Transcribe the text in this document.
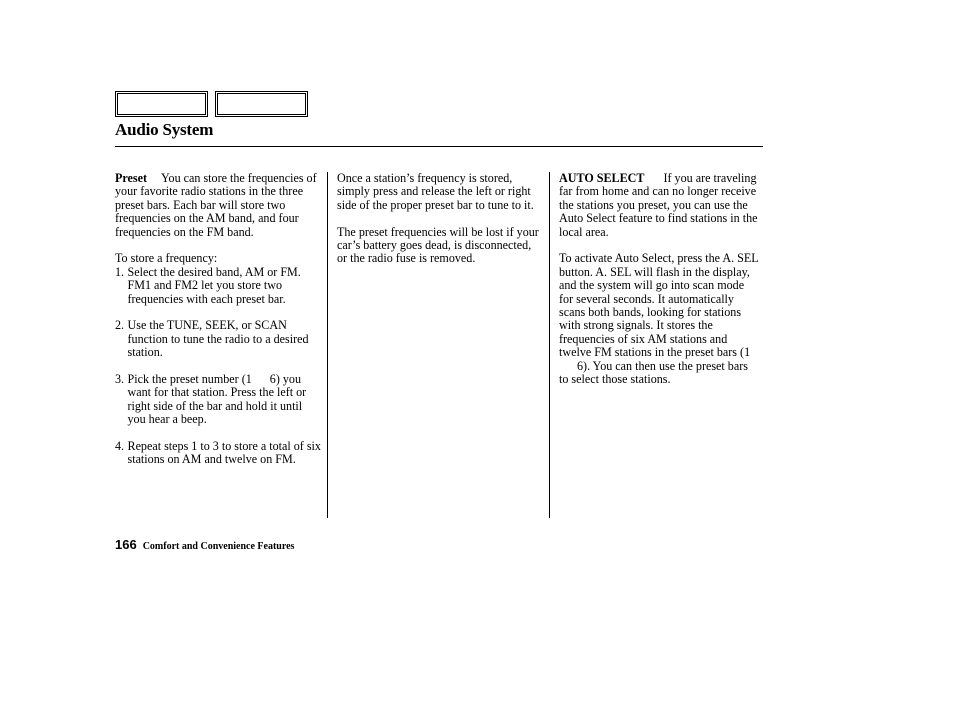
Audio System

Preset You can store the frequencies of your favorite radio stations in the three preset bars. Each bar will store two frequencies on the AM band, and four frequencies on the FM band.

To store a frequency:

1. Select the desired band, AM or FM. FM1 and FM2 let you store two frequencies with each preset bar.
2. Use the TUNE, SEEK, or SCAN function to tune the radio to a desired station.
3. Pick the preset number (1 6) you want for that station. Press the left or right side of the bar and hold it until you hear a beep.
4. Repeat steps 1 to 3 to store a total of six stations on AM and twelve on FM.

Once a station’s frequency is stored, simply press and release the left or right side of the proper preset bar to tune to it.

The preset frequencies will be lost if your car’s battery goes dead, is disconnected, or the radio fuse is removed.

AUTO SELECT If you are traveling far from home and can no longer receive the stations you preset, you can use the Auto Select feature to find stations in the local area.

To activate Auto Select, press the A. SEL button. A. SEL will flash in the display, and the system will go into scan mode for several seconds. It automatically scans both bands, looking for stations with strong signals. It stores the frequencies of six AM stations and twelve FM stations in the preset bars (16). You can then use the preset bars to select those stations.

166 Comfort and Convenience Features
